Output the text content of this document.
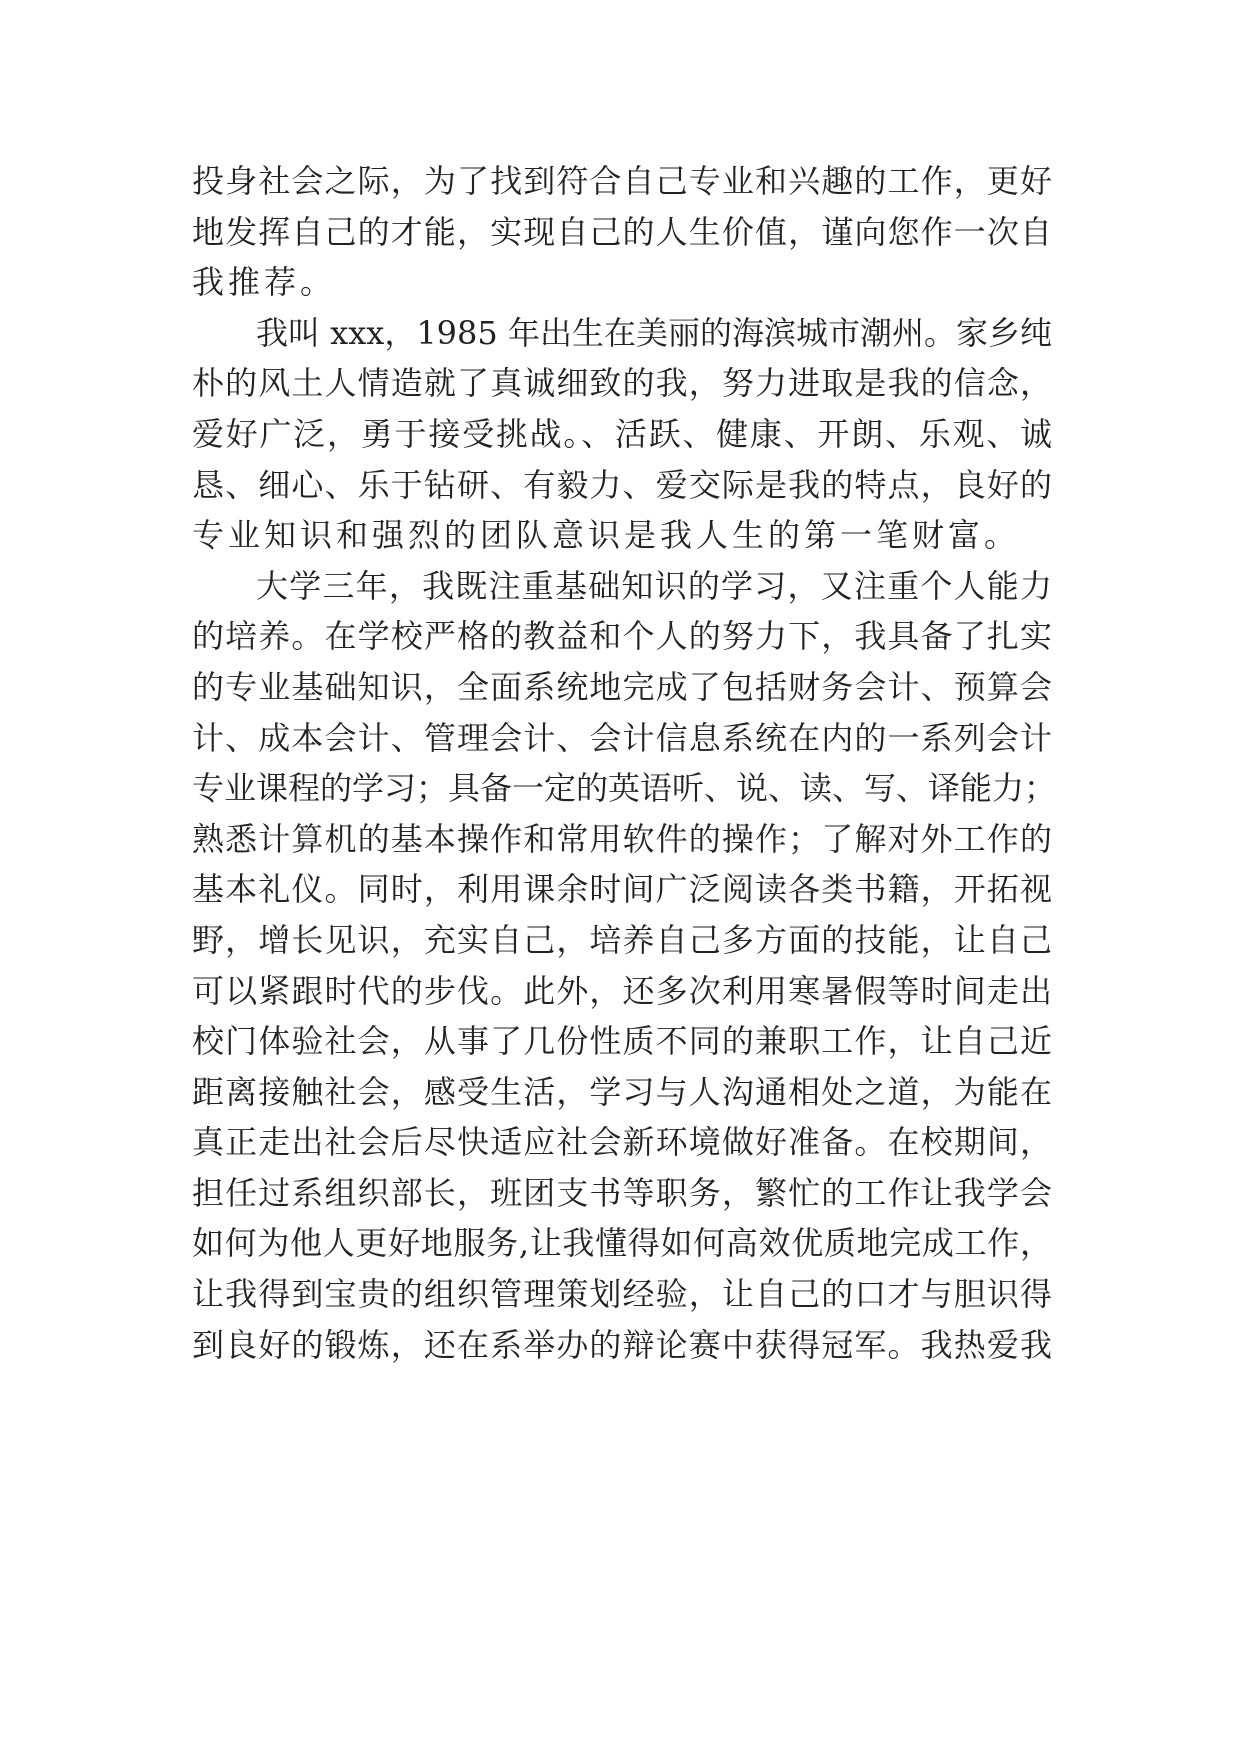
投身社会之际，为了找到符合自己专业和兴趣的工作，更好
地发挥自己的才能，实现自己的人生价值，谨向您作一次自
我推荐。
我叫 xxx，1985 年出生在美丽的海滨城市潮州。家乡纯
朴的风土人情造就了真诚细致的我，努力进取是我的信念，
爱好广泛，勇于接受挑战。、活跃、健康、开朗、乐观、诚
恳、细心、乐于钻研、有毅力、爱交际是我的特点，良好的
专业知识和强烈的团队意识是我人生的第一笔财富。
大学三年，我既注重基础知识的学习，又注重个人能力
的培养。在学校严格的教益和个人的努力下，我具备了扎实
的专业基础知识，全面系统地完成了包括财务会计、预算会
计、成本会计、管理会计、会计信息系统在内的一系列会计
专业课程的学习；具备一定的英语听、说、读、写、译能力；
熟悉计算机的基本操作和常用软件的操作；了解对外工作的
基本礼仪。同时，利用课余时间广泛阅读各类书籍，开拓视
野，增长见识，充实自己，培养自己多方面的技能，让自己
可以紧跟时代的步伐。此外，还多次利用寒暑假等时间走出
校门体验社会，从事了几份性质不同的兼职工作，让自己近
距离接触社会，感受生活，学习与人沟通相处之道，为能在
真正走出社会后尽快适应社会新环境做好准备。在校期间，
担任过系组织部长，班团支书等职务，繁忙的工作让我学会
如何为他人更好地服务,让我懂得如何高效优质地完成工作，
让我得到宝贵的组织管理策划经验，让自己的口才与胆识得
到良好的锻炼，还在系举办的辩论赛中获得冠军。我热爱我
